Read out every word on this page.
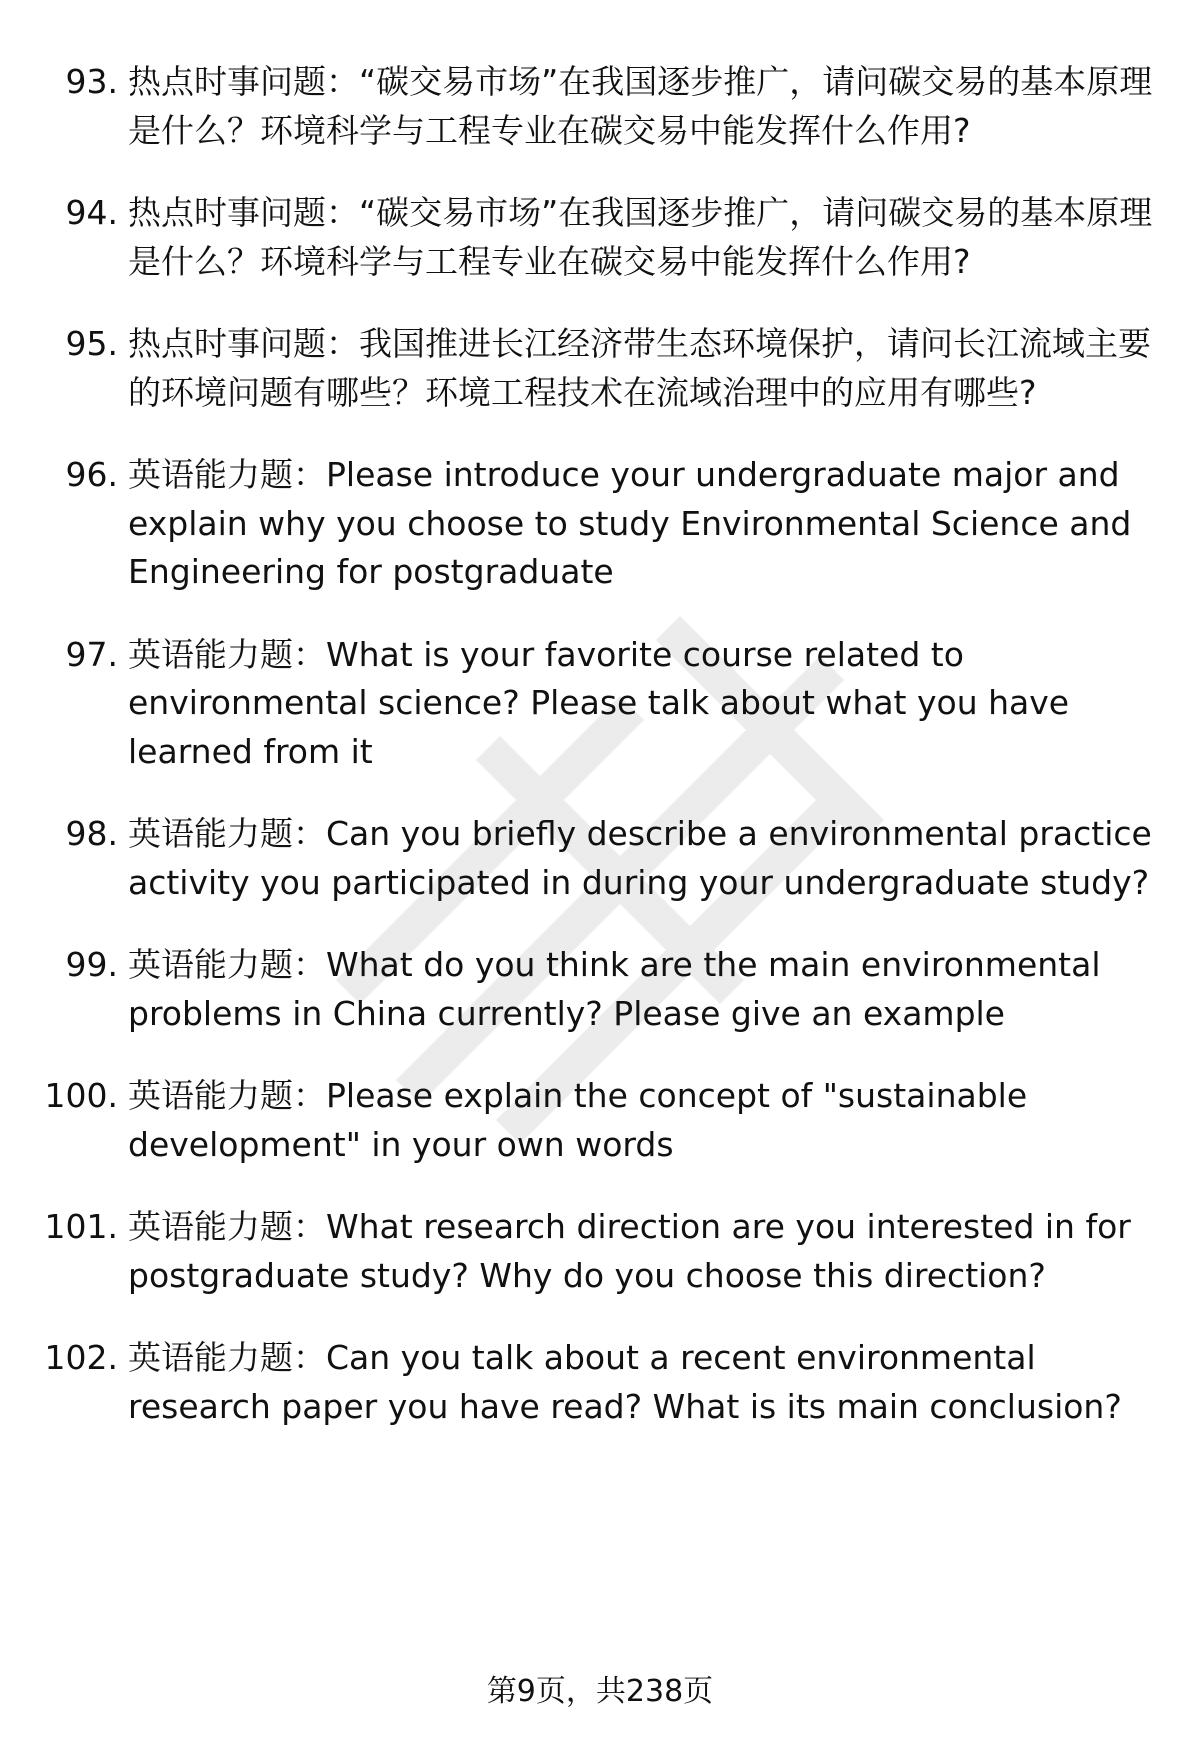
93. 热点时事问题：“碳交易市场”在我国逐步推广，请问碳交易的基本原理是什么？环境科学与工程专业在碳交易中能发挥什么作用?
94. 热点时事问题：“碳交易市场”在我国逐步推广，请问碳交易的基本原理是什么？环境科学与工程专业在碳交易中能发挥什么作用?
95. 热点时事问题：我国推进长江经济带生态环境保护，请问长江流域主要的环境问题有哪些？环境工程技术在流域治理中的应用有哪些?
96. 英语能力题：Please introduce your undergraduate major and explain why you choose to study Environmental Science and Engineering for postgraduate
97. 英语能力题：What is your favorite course related to environmental science? Please talk about what you have learned from it
98. 英语能力题：Can you briefly describe a environmental practice activity you participated in during your undergraduate study?
99. 英语能力题：What do you think are the main environmental problems in China currently? Please give an example
100. 英语能力题：Please explain the concept of "sustainable development" in your own words
101. 英语能力题：What research direction are you interested in for postgraduate study? Why do you choose this direction?
102. 英语能力题：Can you talk about a recent environmental research paper you have read? What is its main conclusion?
第9页，共238页
